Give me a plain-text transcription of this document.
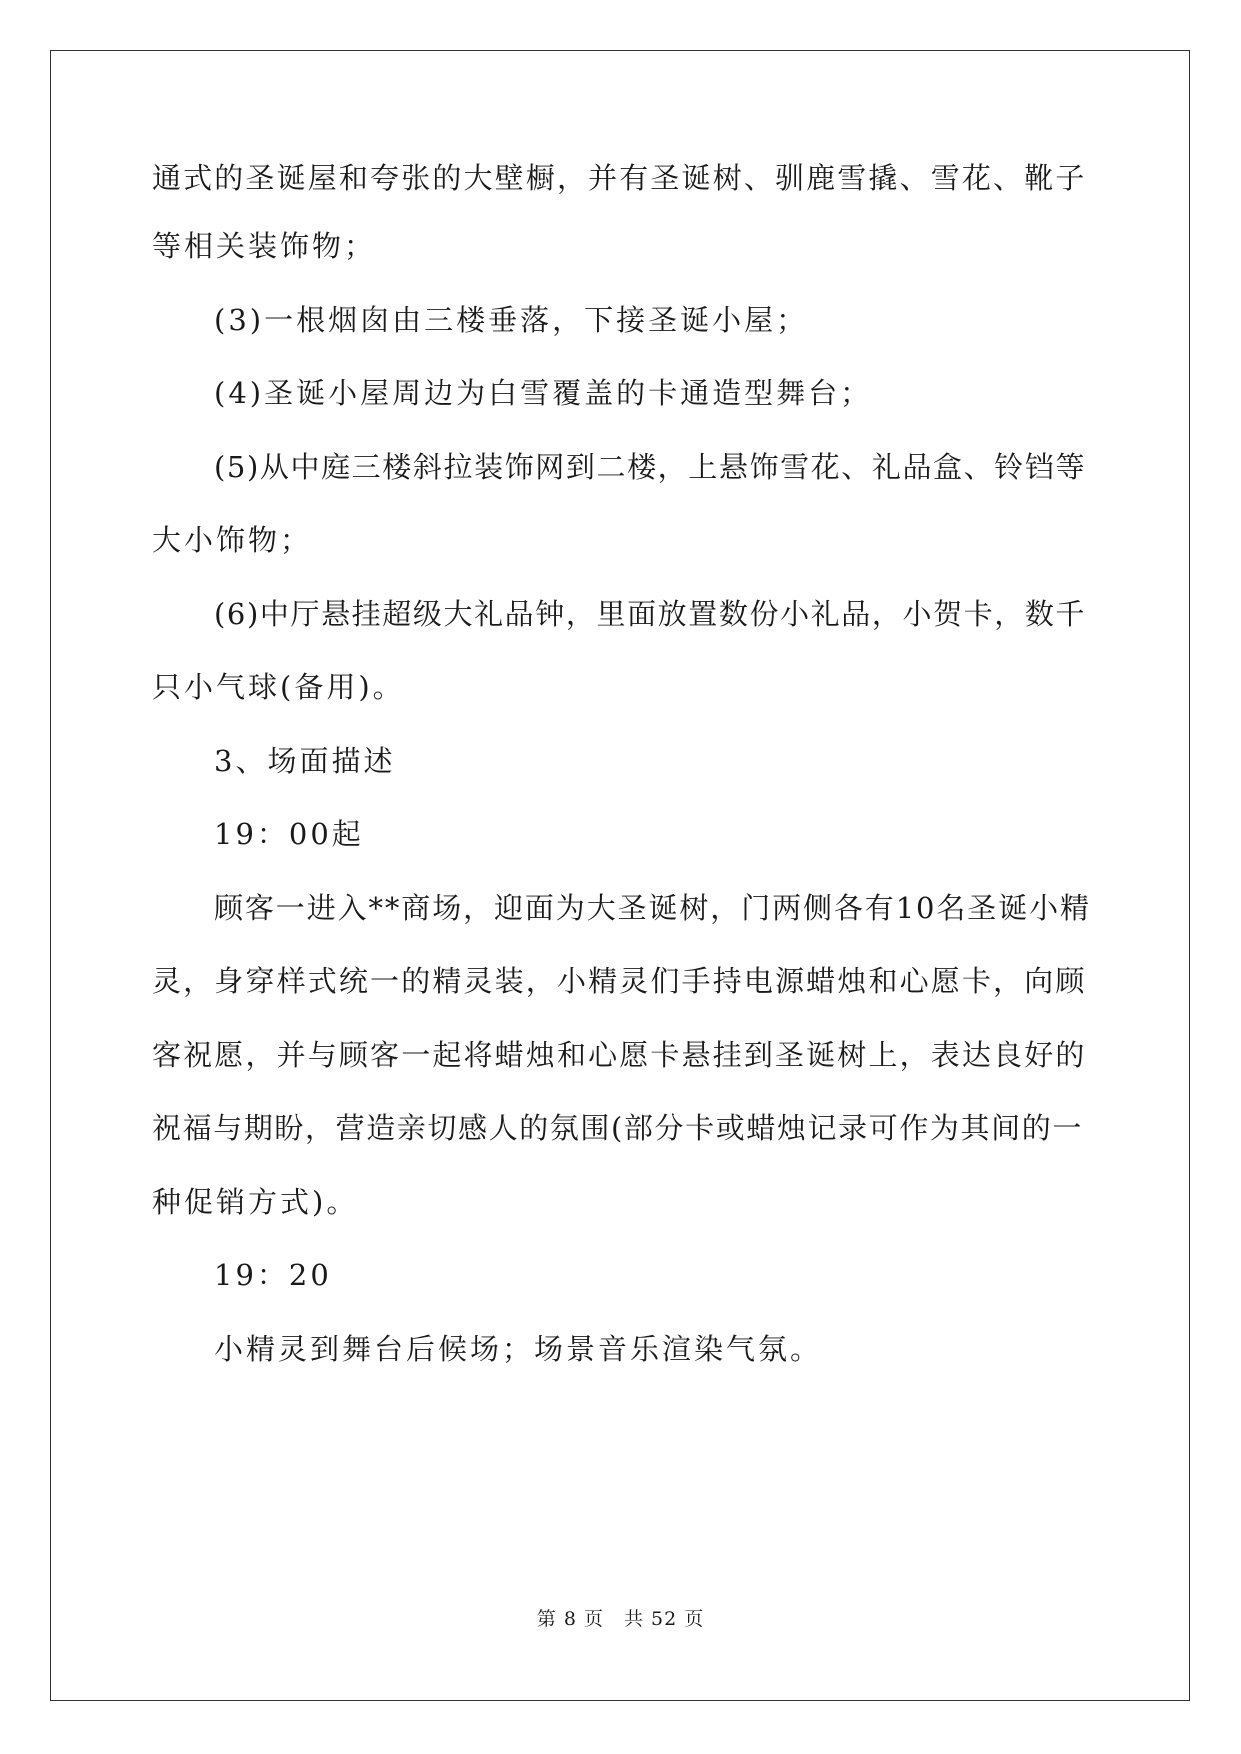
通式的圣诞屋和夸张的大壁橱，并有圣诞树、驯鹿雪撬、雪花、靴子
等相关装饰物；
(3)一根烟囱由三楼垂落，下接圣诞小屋；
(4)圣诞小屋周边为白雪覆盖的卡通造型舞台；
(5)从中庭三楼斜拉装饰网到二楼，上悬饰雪花、礼品盒、铃铛等
大小饰物；
(6)中厅悬挂超级大礼品钟，里面放置数份小礼品，小贺卡，数千
只小气球(备用)。
3、场面描述
19：00起
顾客一进入**商场，迎面为大圣诞树，门两侧各有10名圣诞小精
灵，身穿样式统一的精灵装，小精灵们手持电源蜡烛和心愿卡，向顾
客祝愿，并与顾客一起将蜡烛和心愿卡悬挂到圣诞树上，表达良好的
祝福与期盼，营造亲切感人的氛围(部分卡或蜡烛记录可作为其间的一
种促销方式)。
19：20
小精灵到舞台后候场；场景音乐渲染气氛。
第 8 页　共 52 页
